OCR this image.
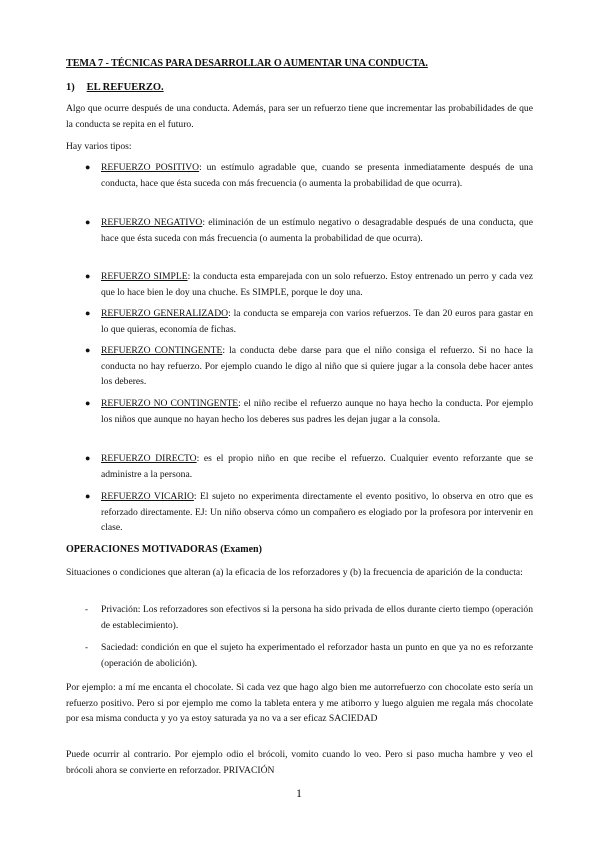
TEMA 7 - TÉCNICAS PARA DESARROLLAR O AUMENTAR UNA CONDUCTA.
1) EL REFUERZO.
Algo que ocurre después de una conducta. Además, para ser un refuerzo tiene que incrementar las probabilidades de que la conducta se repita en el futuro.
Hay varios tipos:
● REFUERZO POSITIVO: un estímulo agradable que, cuando se presenta inmediatamente después de una conducta, hace que ésta suceda con más frecuencia (o aumenta la probabilidad de que ocurra).
● REFUERZO NEGATIVO: eliminación de un estímulo negativo o desagradable después de una conducta, que hace que ésta suceda con más frecuencia (o aumenta la probabilidad de que ocurra).
● REFUERZO SIMPLE: la conducta esta emparejada con un solo refuerzo. Estoy entrenado un perro y cada vez que lo hace bien le doy una chuche. Es SIMPLE, porque le doy una.
● REFUERZO GENERALIZADO: la conducta se empareja con varios refuerzos. Te dan 20 euros para gastar en lo que quieras, economía de fichas.
● REFUERZO CONTINGENTE: la conducta debe darse para que el niño consiga el refuerzo. Si no hace la conducta no hay refuerzo. Por ejemplo cuando le digo al niño que si quiere jugar a la consola debe hacer antes los deberes.
● REFUERZO NO CONTINGENTE: el niño recibe el refuerzo aunque no haya hecho la conducta. Por ejemplo los niños que aunque no hayan hecho los deberes sus padres les dejan jugar a la consola.
● REFUERZO DIRECTO: es el propio niño en que recibe el refuerzo. Cualquier evento reforzante que se administre a la persona.
● REFUERZO VICARIO: El sujeto no experimenta directamente el evento positivo, lo observa en otro que es reforzado directamente. EJ: Un niño observa cómo un compañero es elogiado por la profesora por intervenir en clase.
OPERACIONES MOTIVADORAS (Examen)
Situaciones o condiciones que alteran (a) la eficacia de los reforzadores y (b) la frecuencia de aparición de la conducta:
- Privación: Los reforzadores son efectivos si la persona ha sido privada de ellos durante cierto tiempo (operación de establecimiento).
- Saciedad: condición en que el sujeto ha experimentado el reforzador hasta un punto en que ya no es reforzante (operación de abolición).
Por ejemplo: a mí me encanta el chocolate. Si cada vez que hago algo bien me autorrefuerzo con chocolate esto sería un refuerzo positivo. Pero si por ejemplo me como la tableta entera y me atiborro y luego alguien me regala más chocolate por esa misma conducta y yo ya estoy saturada ya no va a ser eficaz SACIEDAD
Puede ocurrir al contrario. Por ejemplo odio el brócoli, vomito cuando lo veo. Pero si paso mucha hambre y veo el brócoli ahora se convierte en reforzador. PRIVACIÓN
1
